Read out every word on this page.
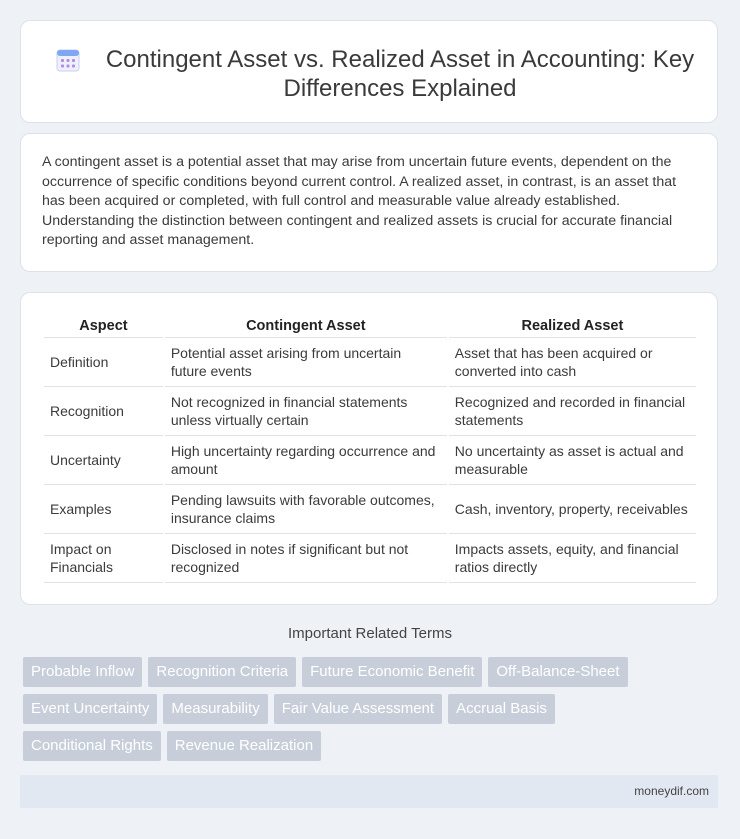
Contingent Asset vs. Realized Asset in Accounting: Key Differences Explained
A contingent asset is a potential asset that may arise from uncertain future events, dependent on the occurrence of specific conditions beyond current control. A realized asset, in contrast, is an asset that has been acquired or completed, with full control and measurable value already established. Understanding the distinction between contingent and realized assets is crucial for accurate financial reporting and asset management.
Aspect	Contingent Asset	Realized Asset
Definition	Potential asset arising from uncertain future events	Asset that has been acquired or converted into cash
Recognition	Not recognized in financial statements unless virtually certain	Recognized and recorded in financial statements
Uncertainty	High uncertainty regarding occurrence and amount	No uncertainty as asset is actual and measurable
Examples	Pending lawsuits with favorable outcomes, insurance claims	Cash, inventory, property, receivables
Impact on Financials	Disclosed in notes if significant but not recognized	Impacts assets, equity, and financial ratios directly
Important Related Terms
Probable Inflow	Recognition Criteria	Future Economic Benefit	Off-Balance-Sheet
Event Uncertainty	Measurability	Fair Value Assessment	Accrual Basis
Conditional Rights	Revenue Realization
moneydif.com
